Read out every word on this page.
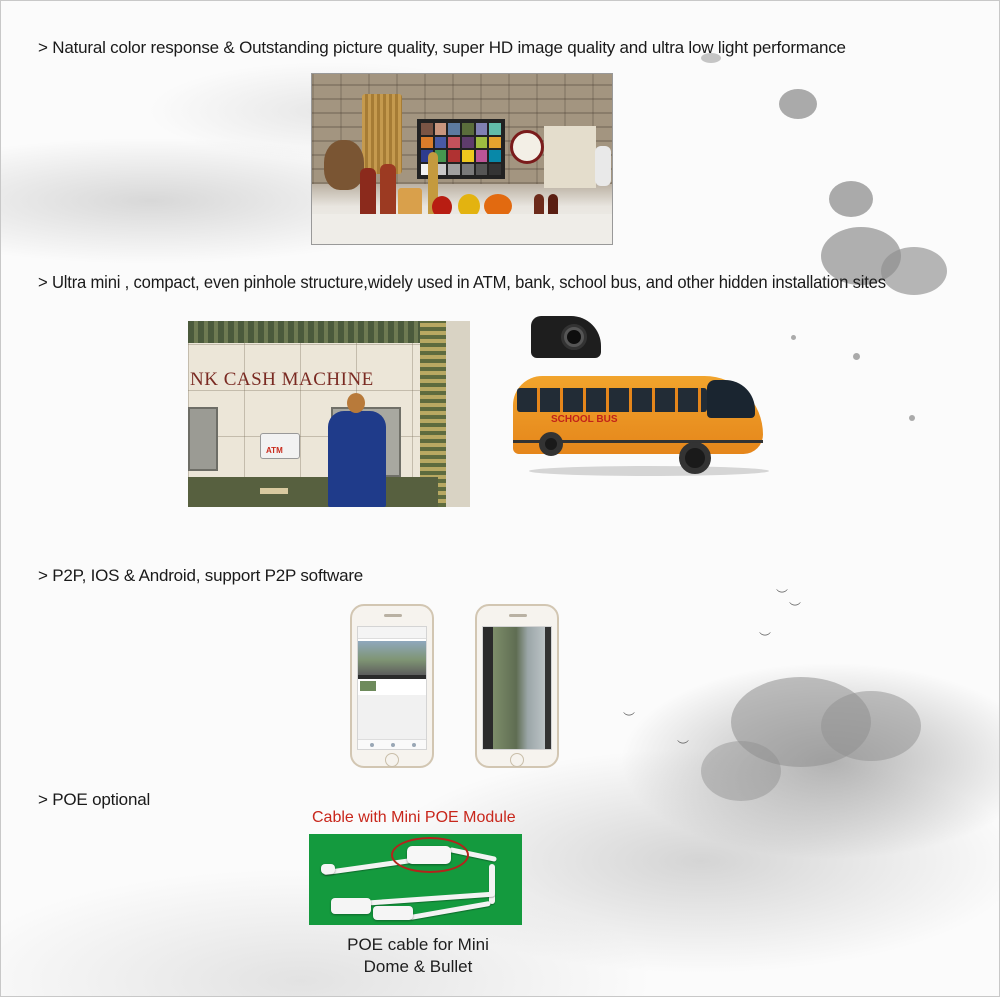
︶
︶
︶
︶
︶
> Natural color response & Outstanding picture quality, super HD image quality and ultra low light performance
> Ultra mini , compact, even pinhole structure,widely used in ATM, bank, school bus, and other hidden installation sites
NK CASH MACHINE
ATM
SCHOOL BUS
> P2P, IOS & Android, support P2P software
> POE optional
Cable with Mini POE Module
POE cable for Mini
Dome & Bullet
